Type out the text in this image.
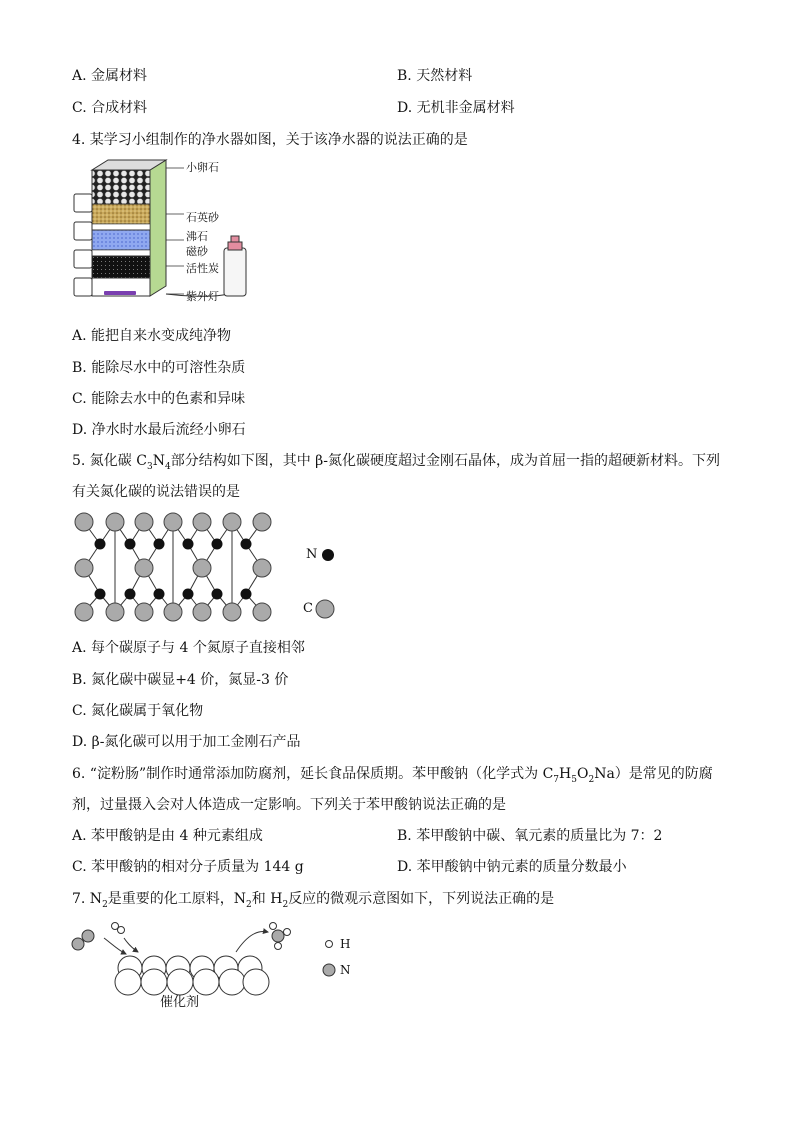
A. 金属材料	B. 天然材料
C. 合成材料	D. 无机非金属材料
4. 某学习小组制作的净水器如图，关于该净水器的说法正确的是
小卵石
石英砂
沸石
磁砂
活性炭
紫外灯
A. 能把自来水变成纯净物
B. 能除尽水中的可溶性杂质
C. 能除去水中的色素和异味
D. 净水时水最后流经小卵石
5. 氮化碳 $C_3N_4$部分结构如下图，其中 β-氮化碳硬度超过金刚石晶体，成为首屈一指的超硬新材料。下列
有关氮化碳的说法错误的是
N
C
A. 每个碳原子与 4 个氮原子直接相邻
B. 氮化碳中碳显+4 价，氮显-3 价
C. 氮化碳属于氧化物
D. β-氮化碳可以用于加工金刚石产品
6. “淀粉肠”制作时通常添加防腐剂，延长食品保质期。苯甲酸钠（化学式为 $C_7H_5O_2Na$）是常见的防腐
剂，过量摄入会对人体造成一定影响。下列关于苯甲酸钠说法正确的是
A. 苯甲酸钠是由 4 种元素组成	B. 苯甲酸钠中碳、氧元素的质量比为 7：2
C. 苯甲酸钠的相对分子质量为 144 g	D. 苯甲酸钠中钠元素的质量分数最小
7. $N_2$是重要的化工原料，$N_2$和 $H_2$反应的微观示意图如下，下列说法正确的是
催化剂
H
N
